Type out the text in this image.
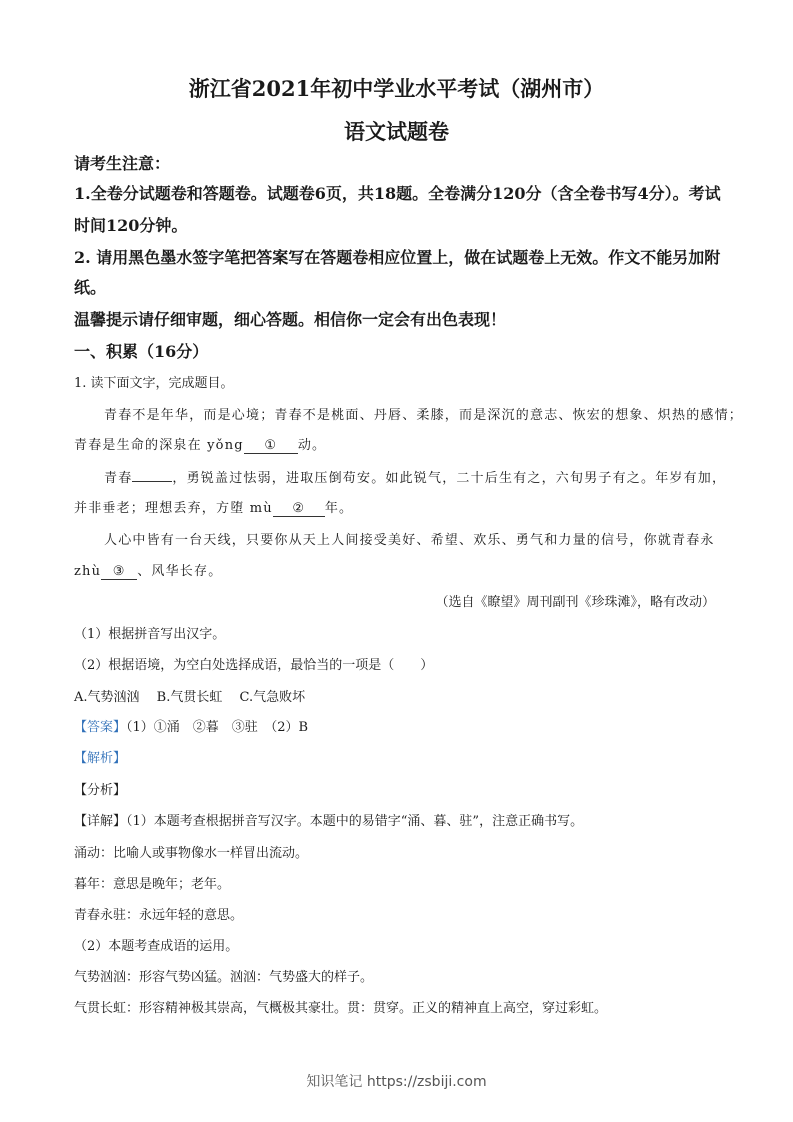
浙江省2021年初中学业水平考试（湖州市）
语文试题卷
请考生注意：
1.全卷分试题卷和答题卷。试题卷6页，共18题。全卷满分120分（含全卷书写4分）。考试
时间120分钟。
2. 请用黑色墨水签字笔把答案写在答题卷相应位置上，做在试题卷上无效。作文不能另加附
纸。
温馨提示请仔细审题，细心答题。相信你一定会有出色表现！
一、积累（16分）
1. 读下面文字，完成题目。
青春不是年华，而是心境；青春不是桃面、丹唇、柔膝，而是深沉的意志、恢宏的想象、炽热的感情；
青春是生命的深泉在 yǒng ① 动。
青春	，勇锐盖过怯弱，进取压倒苟安。如此锐气，二十后生有之，六旬男子有之。年岁有加，
并非垂老；理想丢弃，方堕 mù ② 年。
人心中皆有一台天线，只要你从天上人间接受美好、希望、欢乐、勇气和力量的信号，你就青春永
zhù ③ 、风华长存。
（选自《瞭望》周刊副刊《珍珠滩》，略有改动）
（1）根据拼音写出汉字。
（2）根据语境，为空白处选择成语，最恰当的一项是（　　）
A.气势汹汹　 B.气贯长虹　 C.气急败坏
【答案】（1）①涌　②暮　③驻　（2）B
【解析】
【分析】
【详解】（1）本题考查根据拼音写汉字。本题中的易错字“涌、暮、驻”，注意正确书写。
涌动：比喻人或事物像水一样冒出流动。
暮年：意思是晚年；老年。
青春永驻：永远年轻的意思。
（2）本题考查成语的运用。
气势汹汹：形容气势凶猛。汹汹：气势盛大的样子。
气贯长虹：形容精神极其崇高，气概极其豪壮。贯：贯穿。正义的精神直上高空，穿过彩虹。
知识笔记 https://zsbiji.com
